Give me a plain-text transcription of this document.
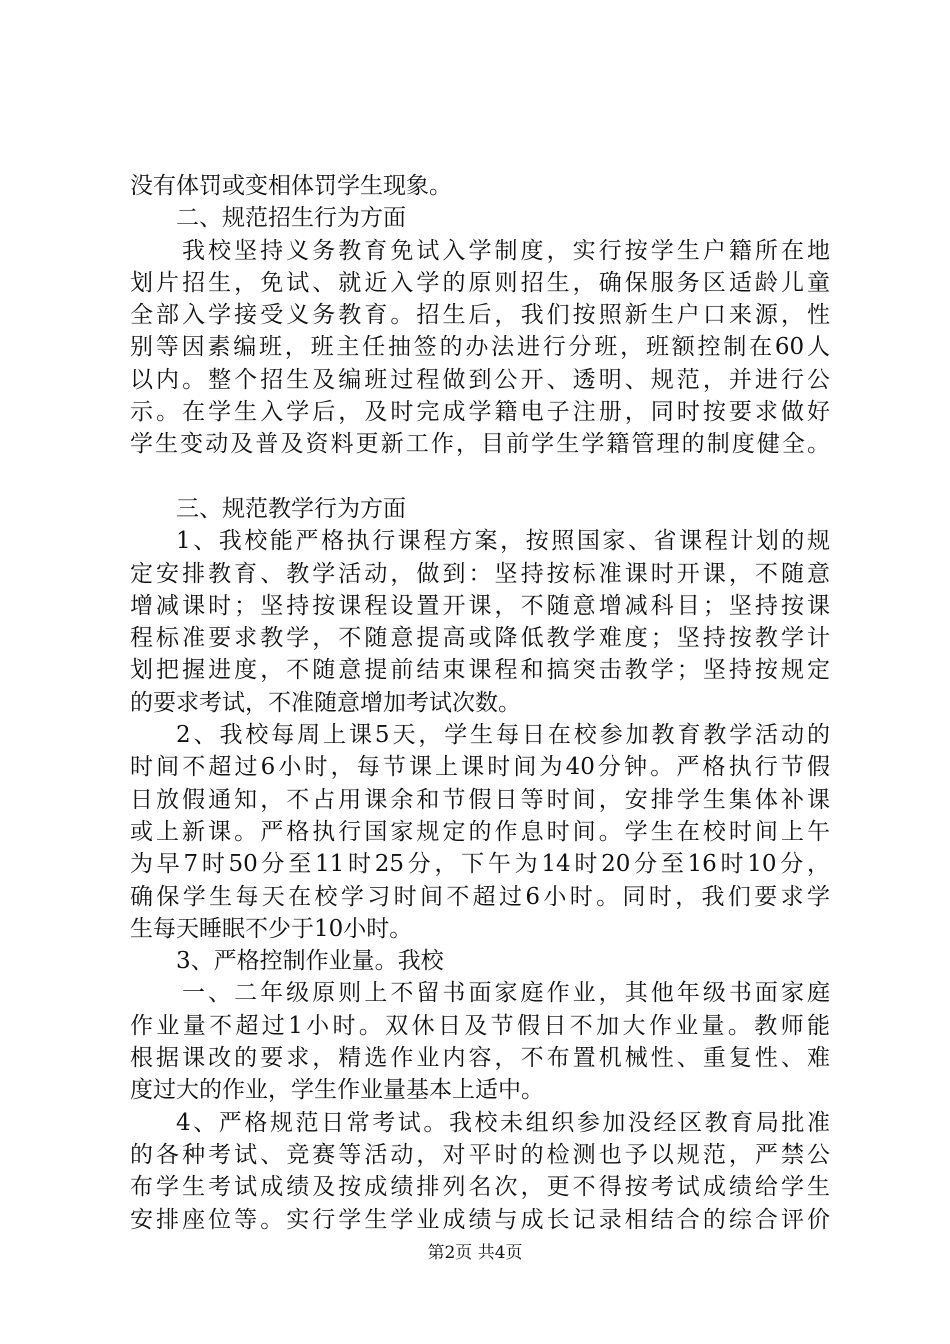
没有体罚或变相体罚学生现象。
二、规范招生行为方面
我校坚持义务教育免试入学制度，实行按学生户籍所在地
划片招生，免试、就近入学的原则招生，确保服务区适龄儿童
全部入学接受义务教育。招生后，我们按照新生户口来源，性
别等因素编班，班主任抽签的办法进行分班，班额控制在60人
以内。整个招生及编班过程做到公开、透明、规范，并进行公
示。在学生入学后，及时完成学籍电子注册，同时按要求做好
学生变动及普及资料更新工作，目前学生学籍管理的制度健全。
三、规范教学行为方面
1、我校能严格执行课程方案，按照国家、省课程计划的规
定安排教育、教学活动，做到：坚持按标准课时开课，不随意
增减课时；坚持按课程设置开课，不随意增减科目；坚持按课
程标准要求教学，不随意提高或降低教学难度；坚持按教学计
划把握进度，不随意提前结束课程和搞突击教学；坚持按规定
的要求考试，不准随意增加考试次数。
2、我校每周上课5天，学生每日在校参加教育教学活动的
时间不超过6小时，每节课上课时间为40分钟。严格执行节假
日放假通知，不占用课余和节假日等时间，安排学生集体补课
或上新课。严格执行国家规定的作息时间。学生在校时间上午
为早7时50分至11时25分，下午为14时20分至16时10分，
确保学生每天在校学习时间不超过6小时。同时，我们要求学
生每天睡眠不少于10小时。
3、严格控制作业量。我校
一、二年级原则上不留书面家庭作业，其他年级书面家庭
作业量不超过1小时。双休日及节假日不加大作业量。教师能
根据课改的要求，精选作业内容，不布置机械性、重复性、难
度过大的作业，学生作业量基本上适中。
4、严格规范日常考试。我校未组织参加没经区教育局批准
的各种考试、竞赛等活动，对平时的检测也予以规范，严禁公
布学生考试成绩及按成绩排列名次，更不得按考试成绩给学生
安排座位等。实行学生学业成绩与成长记录相结合的综合评价
第2页 共4页
